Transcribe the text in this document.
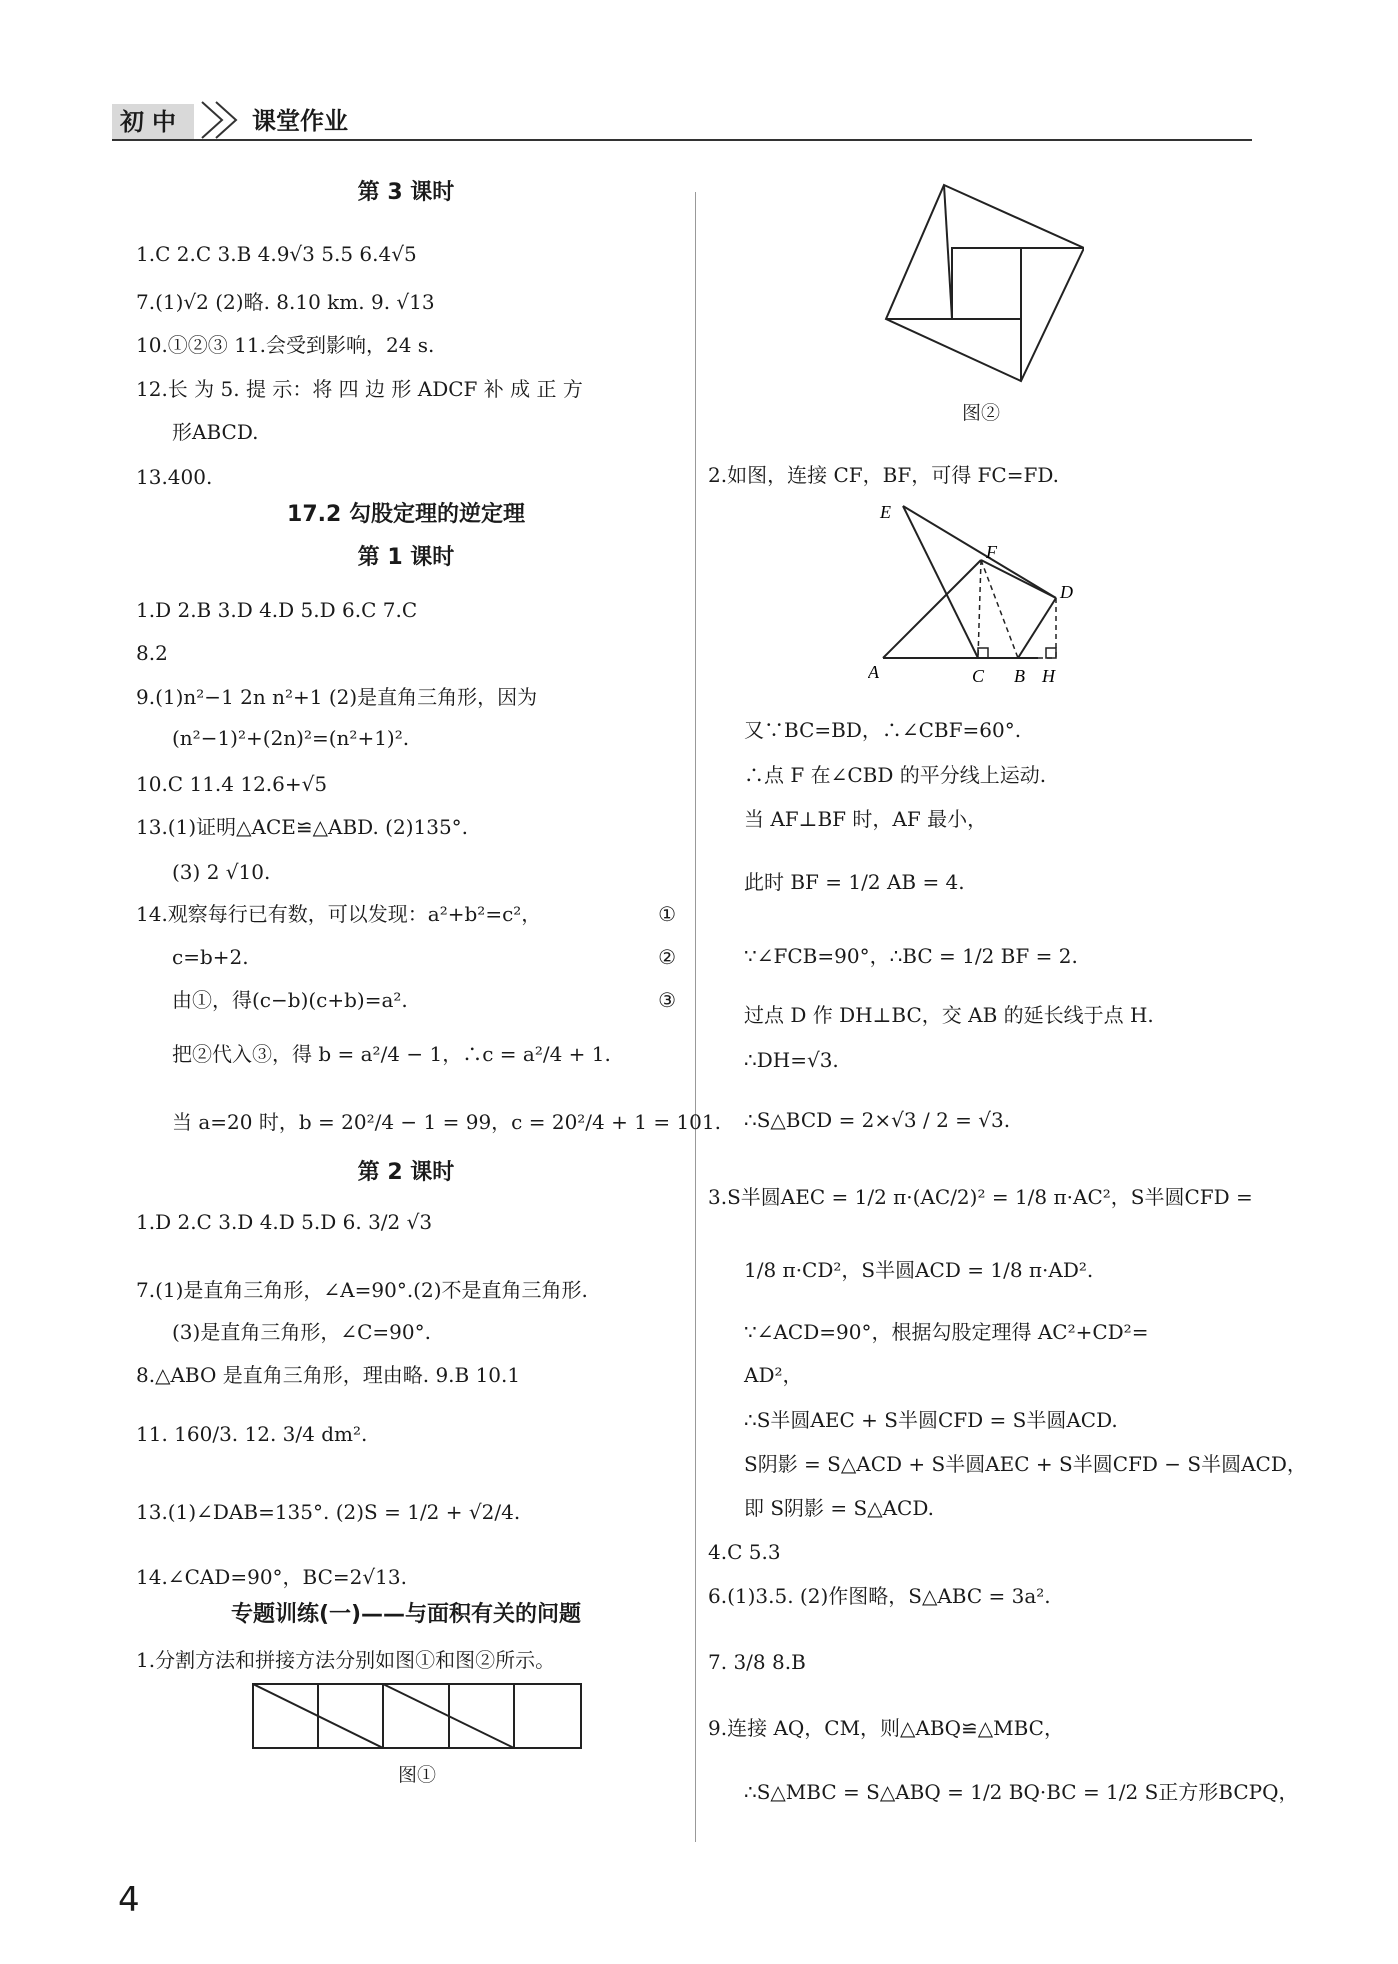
初中	课堂作业
图①
第 3 课时
1.C 2.C 3.B 4.9√3 5.5 6.4√5
7.(1)√2 (2)略. 8.10 km. 9. √13
10.①②③ 11.会受到影响，24 s.
12.长 为 5. 提 示：将 四 边 形 ADCF 补 成 正 方
形ABCD.
13.400.
17.2 勾股定理的逆定理
第 1 课时
1.D 2.B 3.D 4.D 5.D 6.C 7.C
8.2
9.(1)n²−1 2n n²+1 (2)是直角三角形，因为
(n²−1)²+(2n)²=(n²+1)².
10.C 11.4 12.6+√5
13.(1)证明△ACE≌△ABD. (2)135°.
(3) 2 √10.
14.观察每行已有数，可以发现：a²+b²=c²，
c=b+2.
由①，得(c−b)(c+b)=a².
把②代入③，得 b = a²/4 − 1，∴c = a²/4 + 1.
当 a=20 时，b = 20²/4 − 1 = 99，c = 20²/4 + 1 = 101.
第 2 课时
1.D 2.C 3.D 4.D 5.D 6. 3/2 √3
7.(1)是直角三角形，∠A=90°.(2)不是直角三角形.
(3)是直角三角形，∠C=90°.
8.△ABO 是直角三角形，理由略. 9.B 10.1
11. 160/3. 12. 3/4 dm².
13.(1)∠DAB=135°. (2)S = 1/2 + √2/4.
14.∠CAD=90°，BC=2√13.
专题训练(一)——与面积有关的问题
1.分割方法和拼接方法分别如图①和图②所示。
①
②
③
图②
E
F
D
A	C B H
2.如图，连接 CF，BF，可得 FC=FD.
又∵BC=BD，∴∠CBF=60°.
∴点 F 在∠CBD 的平分线上运动.
当 AF⊥BF 时，AF 最小，
此时 BF = 1/2 AB = 4.
∵∠FCB=90°，∴BC = 1/2 BF = 2.
过点 D 作 DH⊥BC，交 AB 的延长线于点 H.
∴DH=√3.
∴S△BCD = 2×√3 / 2 = √3.
3.S半圆AEC = 1/2 π·(AC/2)² = 1/8 π·AC²，S半圆CFD =
1/8 π·CD²，S半圆ACD = 1/8 π·AD².
∵∠ACD=90°，根据勾股定理得 AC²+CD²=
AD²，
∴S半圆AEC + S半圆CFD = S半圆ACD.
S阴影 = S△ACD + S半圆AEC + S半圆CFD − S半圆ACD，
即 S阴影 = S△ACD.
4.C 5.3
6.(1)3.5. (2)作图略，S△ABC = 3a².
7. 3/8 8.B
9.连接 AQ，CM，则△ABQ≌△MBC，
∴S△MBC = S△ABQ = 1/2 BQ·BC = 1/2 S正方形BCPQ，
4
